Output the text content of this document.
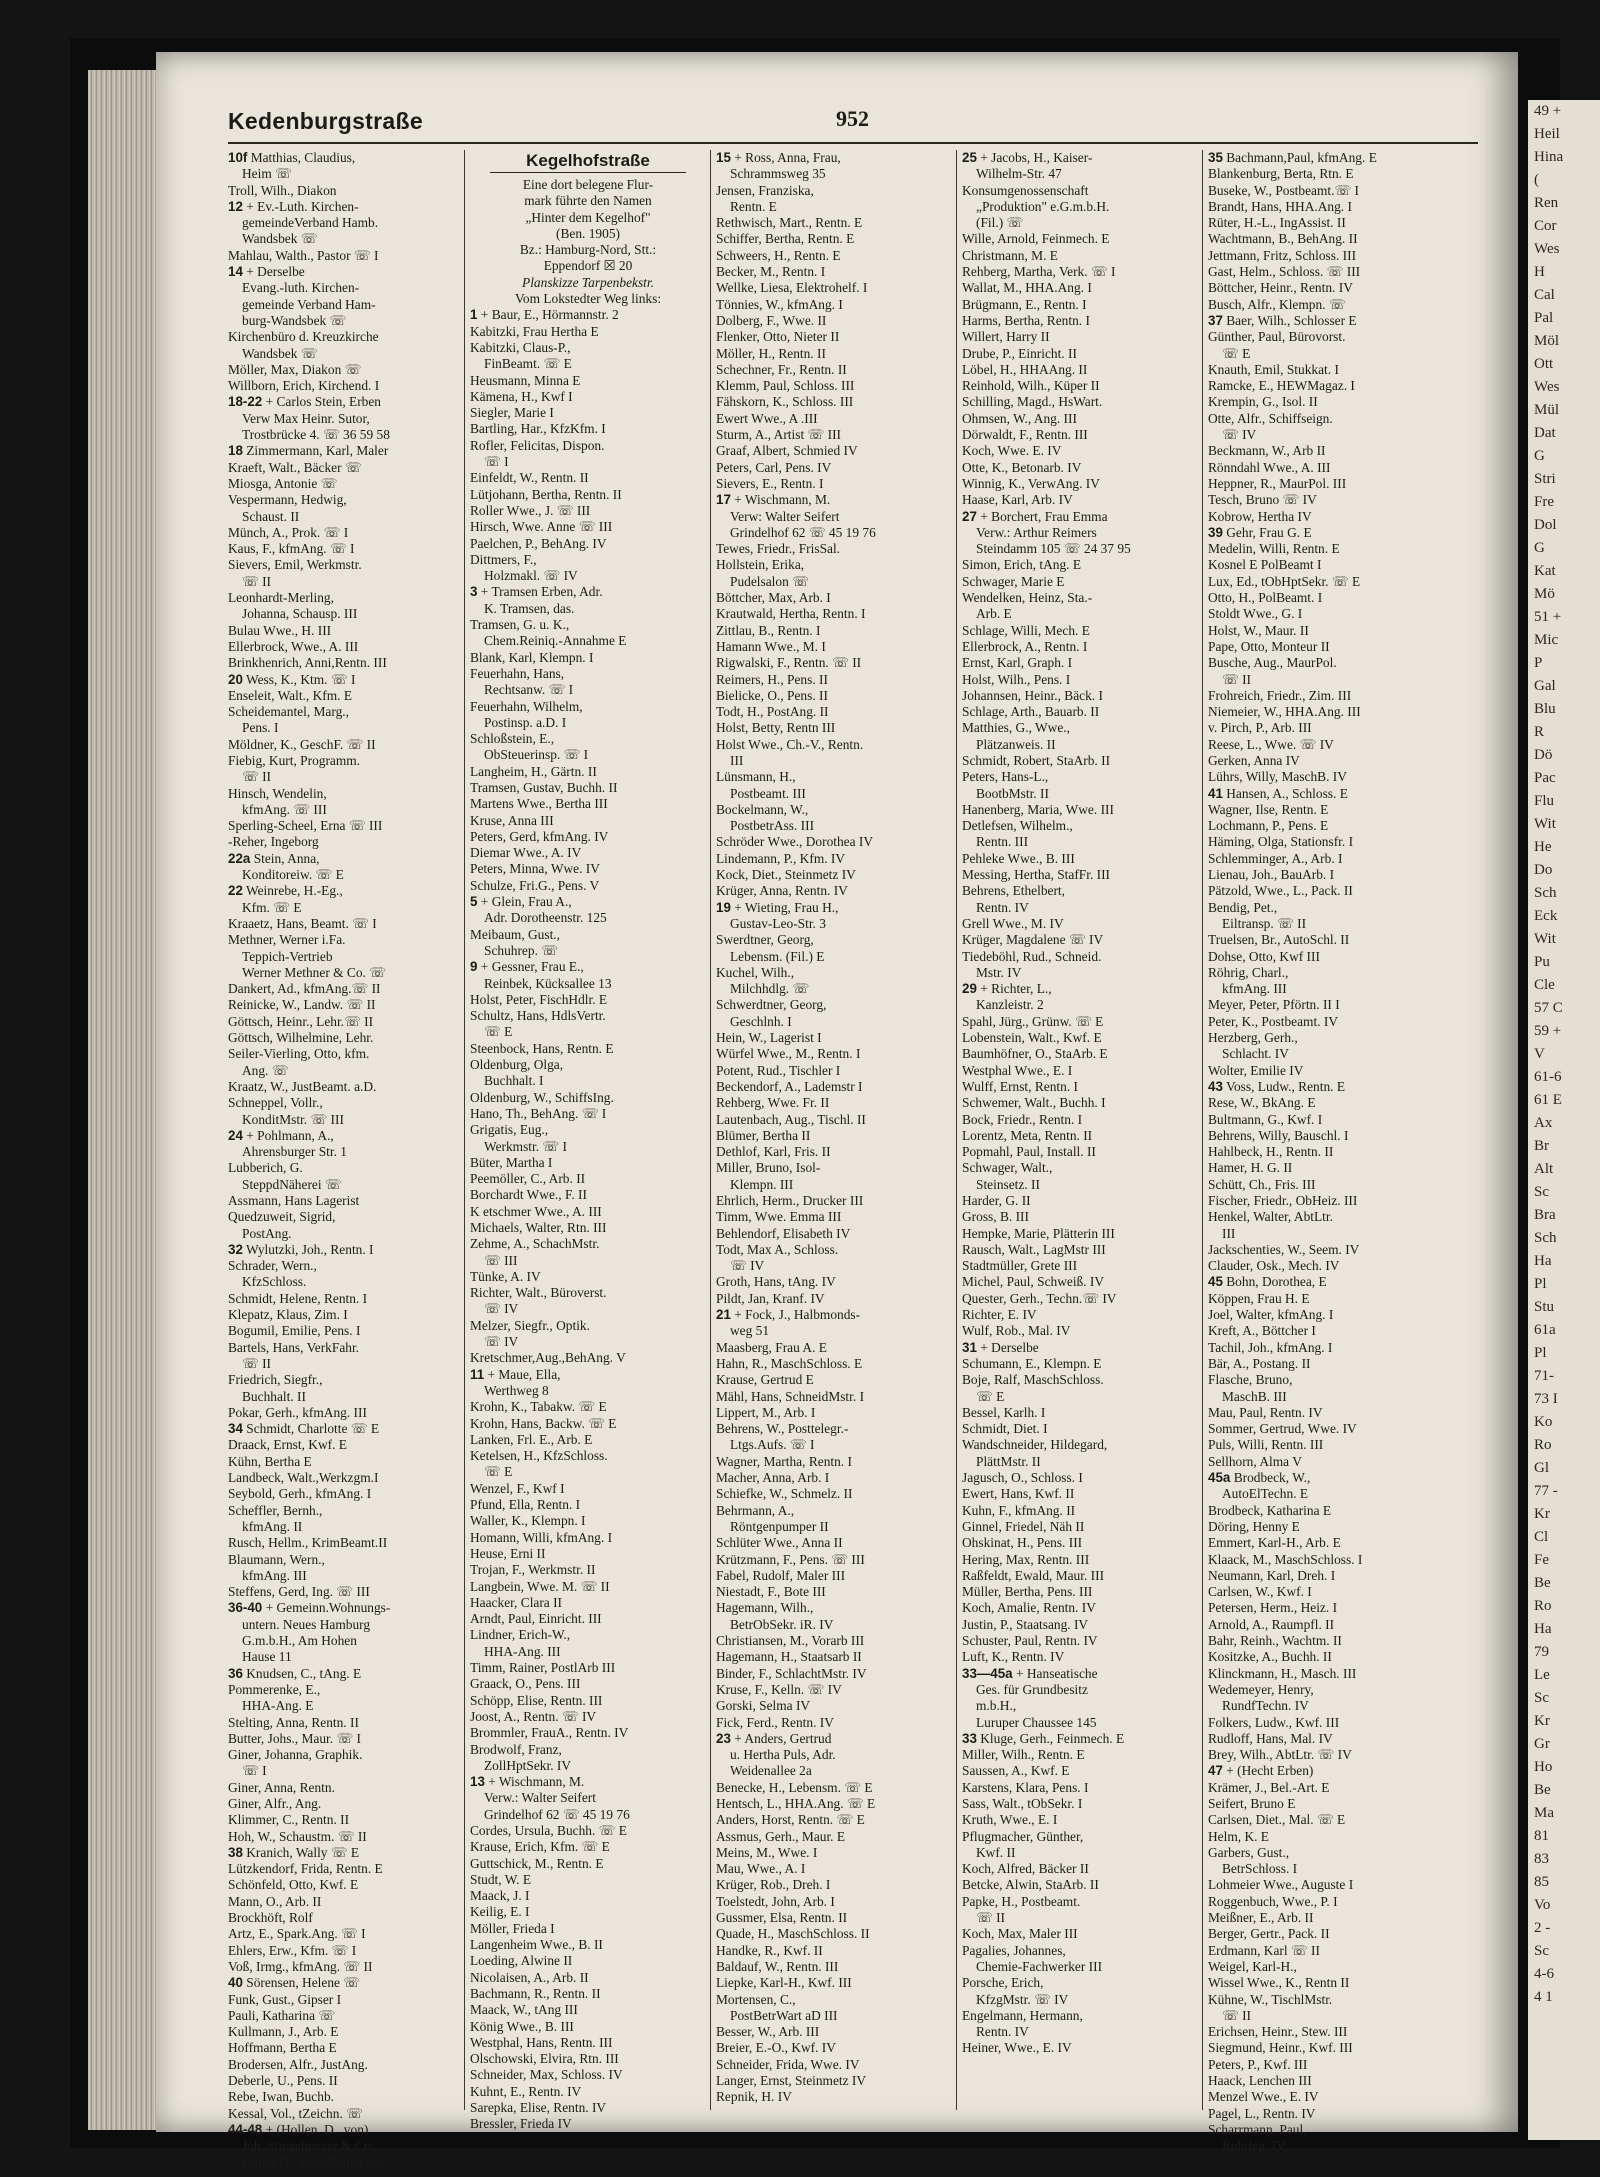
Kedenburgstraße	952
10f Matthias, Claudius,
Heim ☏
Troll, Wilh., Diakon
12 + Ev.-Luth. Kirchen-
gemeindeVerband Hamb.
Wandsbek ☏
Mahlau, Walth., Pastor ☏ I
14 + Derselbe
Evang.-luth. Kirchen-
gemeinde Verband Ham-
burg-Wandsbek ☏
Kirchenbüro d. Kreuzkirche
Wandsbek ☏
Möller, Max, Diakon ☏
Willborn, Erich, Kirchend. I
18-22 + Carlos Stein, Erben
Verw Max Heinr. Sutor,
Trostbrücke 4. ☏ 36 59 58
18 Zimmermann, Karl, Maler
Kraeft, Walt., Bäcker ☏
Miosga, Antonie ☏
Vespermann, Hedwig,
Schaust. II
Münch, A., Prok. ☏ I
Kaus, F., kfmAng. ☏ I
Sievers, Emil, Werkmstr.
☏ II
Leonhardt-Merling,
Johanna, Schausp. III
Bulau Wwe., H. III
Ellerbrock, Wwe., A. III
Brinkhenrich, Anni,Rentn. III
20 Wess, K., Ktm. ☏ I
Enseleit, Walt., Kfm. E
Scheidemantel, Marg.,
Pens. I
Möldner, K., GeschF. ☏ II
Fiebig, Kurt, Programm.
☏ II
Hinsch, Wendelin,
kfmAng. ☏ III
Sperling-Scheel, Erna ☏ III
-Reher, Ingeborg
22a Stein, Anna,
Konditoreiw. ☏ E
22 Weinrebe, H.-Eg.,
Kfm. ☏ E
Kraaetz, Hans, Beamt. ☏ I
Methner, Werner i.Fa.
Teppich-Vertrieb
Werner Methner & Co. ☏
Dankert, Ad., kfmAng.☏ II
Reinicke, W., Landw. ☏ II
Göttsch, Heinr., Lehr.☏ II
Göttsch, Wilhelmine, Lehr.
Seiler-Vierling, Otto, kfm.
Ang. ☏
Kraatz, W., JustBeamt. a.D.
Schneppel, Vollr.,
KonditMstr. ☏ III
24 + Pohlmann, A.,
Ahrensburger Str. 1
Lubberich, G.
SteppdNäherei ☏
Assmann, Hans Lagerist
Quedzuweit, Sigrid,
PostAng.
32 Wylutzki, Joh., Rentn. I
Schrader, Wern.,
KfzSchloss.
Schmidt, Helene, Rentn. I
Klepatz, Klaus, Zim. I
Bogumil, Emilie, Pens. I
Bartels, Hans, VerkFahr.
☏ II
Friedrich, Siegfr.,
Buchhalt. II
Pokar, Gerh., kfmAng. III
34 Schmidt, Charlotte ☏ E
Draack, Ernst, Kwf. E
Kühn, Bertha E
Landbeck, Walt.,Werkzgm.I
Seybold, Gerh., kfmAng. I
Scheffler, Bernh.,
kfmAng. II
Rusch, Hellm., KrimBeamt.II
Blaumann, Wern.,
kfmAng. III
Steffens, Gerd, Ing. ☏ III
36-40 + Gemeinn.Wohnungs-
untern. Neues Hamburg
G.m.b.H., Am Hohen
Hause 11
36 Knudsen, C., tAng. E
Pommerenke, E.,
HHA-Ang. E
Stelting, Anna, Rentn. II
Butter, Johs., Maur. ☏ I
Giner, Johanna, Graphik.
☏ I
Giner, Anna, Rentn.
Giner, Alfr., Ang.
Klimmer, C., Rentn. II
Hoh, W., Schaustm. ☏ II
38 Kranich, Wally ☏ E
Lützkendorf, Frida, Rentn. E
Schönfeld, Otto, Kwf. E
Mann, O., Arb. II
Brockhöft, Rolf
Artz, E., Spark.Ang. ☏ I
Ehlers, Erw., Kfm. ☏ I
Voß, Irmg., kfmAng. ☏ II
40 Sörensen, Helene ☏
Funk, Gust., Gipser I
Pauli, Katharina ☏
Kullmann, J., Arb. E
Hoffmann, Bertha E
Brodersen, Alfr., JustAng.
Deberle, U., Pens. II
Rebe, Iwan, Buchb.
Kessal, Vol., tZeichn. ☏
44-48 + (Hollen, D., von)
Joh. Stiegelmeyer & Co.
G.m.b.H., Metallbettst.☏
Kegelhofstraße
Eine dort belegene Flur-
mark führte den Namen
„Hinter dem Kegelhof"
(Ben. 1905)
Bz.: Hamburg-Nord, Stt.:
Eppendorf ☒ 20
Planskizze Tarpenbekstr.
Vom Lokstedter Weg links:
1 + Baur, E., Hörmannstr. 2
Kabitzki, Frau Hertha E
Kabitzki, Claus-P.,
FinBeamt. ☏ E
Heusmann, Minna E
Kämena, H., Kwf I
Siegler, Marie I
Bartling, Har., KfzKfm. I
Rofler, Felicitas, Dispon.
☏ I
Einfeldt, W., Rentn. II
Lütjohann, Bertha, Rentn. II
Roller Wwe., J. ☏ III
Hirsch, Wwe. Anne ☏ III
Paelchen, P., BehAng. IV
Dittmers, F.,
Holzmakl. ☏ IV
3 + Tramsen Erben, Adr.
K. Tramsen, das.
Tramsen, G. u. K.,
Chem.Reiniq.-Annahme E
Blank, Karl, Klempn. I
Feuerhahn, Hans,
Rechtsanw. ☏ I
Feuerhahn, Wilhelm,
Postinsp. a.D. I
Schloßstein, E.,
ObSteuerinsp. ☏ I
Langheim, H., Gärtn. II
Tramsen, Gustav, Buchh. II
Martens Wwe., Bertha III
Kruse, Anna III
Peters, Gerd, kfmAng. IV
Diemar Wwe., A. IV
Peters, Minna, Wwe. IV
Schulze, Fri.G., Pens. V
5 + Glein, Frau A.,
Adr. Dorotheenstr. 125
Meibaum, Gust.,
Schuhrep. ☏
9 + Gessner, Frau E.,
Reinbek, Kücksallee 13
Holst, Peter, FischHdlr. E
Schultz, Hans, HdlsVertr.
☏ E
Steenbock, Hans, Rentn. E
Oldenburg, Olga,
Buchhalt. I
Oldenburg, W., SchiffsIng.
Hano, Th., BehAng. ☏ I
Grigatis, Eug.,
Werkmstr. ☏ I
Büter, Martha I
Peemöller, C., Arb. II
Borchardt Wwe., F. II
K etschmer Wwe., A. III
Michaels, Walter, Rtn. III
Zehme, A., SchachMstr.
☏ III
Tünke, A. IV
Richter, Walt., Büroverst.
☏ IV
Melzer, Siegfr., Optik.
☏ IV
Kretschmer,Aug.,BehAng. V
11 + Maue, Ella,
Werthweg 8
Krohn, K., Tabakw. ☏ E
Krohn, Hans, Backw. ☏ E
Lanken, Frl. E., Arb. E
Ketelsen, H., KfzSchloss.
☏ E
Wenzel, F., Kwf I
Pfund, Ella, Rentn. I
Waller, K., Klempn. I
Homann, Willi, kfmAng. I
Heuse, Erni II
Trojan, F., Werkmstr. II
Langbein, Wwe. M. ☏ II
Haacker, Clara II
Arndt, Paul, Einricht. III
Lindner, Erich-W.,
HHA-Ang. III
Timm, Rainer, PostlArb III
Graack, O., Pens. III
Schöpp, Elise, Rentn. III
Joost, A., Rentn. ☏ IV
Brommler, FrauA., Rentn. IV
Brodwolf, Franz,
ZollHptSekr. IV
13 + Wischmann, M.
Verw.: Walter Seifert
Grindelhof 62 ☏ 45 19 76
Cordes, Ursula, Buchh. ☏ E
Krause, Erich, Kfm. ☏ E
Guttschick, M., Rentn. E
Studt, W. E
Maack, J. I
Keilig, E. I
Möller, Frieda I
Langenheim Wwe., B. II
Loeding, Alwine II
Nicolaisen, A., Arb. II
Bachmann, R., Rentn. II
Maack, W., tAng III
König Wwe., B. III
Westphal, Hans, Rentn. III
Olschowski, Elvira, Rtn. III
Schneider, Max, Schloss. IV
Kuhnt, E., Rentn. IV
Sarepka, Elise, Rentn. IV
Bressler, Frieda IV
15 + Ross, Anna, Frau,
Schrammsweg 35
Jensen, Franziska,
Rentn. E
Rethwisch, Mart., Rentn. E
Schiffer, Bertha, Rentn. E
Schweers, H., Rentn. E
Becker, M., Rentn. I
Wellke, Liesa, Elektrohelf. I
Tönnies, W., kfmAng. I
Dolberg, F., Wwe. II
Flenker, Otto, Nieter II
Möller, H., Rentn. II
Schechner, Fr., Rentn. II
Klemm, Paul, Schloss. III
Fähskorn, K., Schloss. III
Ewert Wwe., A .III
Sturm, A., Artist ☏ III
Graaf, Albert, Schmied IV
Peters, Carl, Pens. IV
Sievers, E., Rentn. I
17 + Wischmann, M.
Verw: Walter Seifert
Grindelhof 62 ☏ 45 19 76
Tewes, Friedr., FrisSal.
Hollstein, Erika,
Pudelsalon ☏
Böttcher, Max, Arb. I
Krautwald, Hertha, Rentn. I
Zittlau, B., Rentn. I
Hamann Wwe., M. I
Rigwalski, F., Rentn. ☏ II
Reimers, H., Pens. II
Bielicke, O., Pens. II
Todt, H., PostAng. II
Holst, Betty, Rentn III
Holst Wwe., Ch.-V., Rentn.
III
Lünsmann, H.,
Postbeamt. III
Bockelmann, W.,
PostbetrAss. III
Schröder Wwe., Dorothea IV
Lindemann, P., Kfm. IV
Kock, Diet., Steinmetz IV
Krüger, Anna, Rentn. IV
19 + Wieting, Frau H.,
Gustav-Leo-Str. 3
Swerdtner, Georg,
Lebensm. (Fil.) E
Kuchel, Wilh.,
Milchhdlg. ☏
Schwerdtner, Georg,
Geschlnh. I
Hein, W., Lagerist I
Würfel Wwe., M., Rentn. I
Potent, Rud., Tischler I
Beckendorf, A., Lademstr I
Rehberg, Wwe. Fr. II
Lautenbach, Aug., Tischl. II
Blümer, Bertha II
Dethlof, Karl, Fris. II
Miller, Bruno, Isol-
Klempn. III
Ehrlich, Herm., Drucker III
Timm, Wwe. Emma III
Behlendorf, Elisabeth IV
Todt, Max A., Schloss.
☏ IV
Groth, Hans, tAng. IV
Pildt, Jan, Kranf. IV
21 + Fock, J., Halbmonds-
weg 51
Maasberg, Frau A. E
Hahn, R., MaschSchloss. E
Krause, Gertrud E
Mähl, Hans, SchneidMstr. I
Lippert, M., Arb. I
Behrens, W., Posttelegr.-
Ltgs.Aufs. ☏ I
Wagner, Martha, Rentn. I
Macher, Anna, Arb. I
Schiefke, W., Schmelz. II
Behrmann, A.,
Röntgenpumper II
Schlüter Wwe., Anna II
Krützmann, F., Pens. ☏ III
Fabel, Rudolf, Maler III
Niestadt, F., Bote III
Hagemann, Wilh.,
BetrObSekr. iR. IV
Christiansen, M., Vorarb III
Hagemann, H., Staatsarb II
Binder, F., SchlachtMstr. IV
Kruse, F., Kelln. ☏ IV
Gorski, Selma IV
Fick, Ferd., Rentn. IV
23 + Anders, Gertrud
u. Hertha Puls, Adr.
Weidenallee 2a
Benecke, H., Lebensm. ☏ E
Hentsch, L., HHA.Ang. ☏ E
Anders, Horst, Rentn. ☏ E
Assmus, Gerh., Maur. E
Meins, M., Wwe. I
Mau, Wwe., A. I
Krüger, Rob., Dreh. I
Toelstedt, John, Arb. I
Gussmer, Elsa, Rentn. II
Quade, H., MaschSchloss. II
Handke, R., Kwf. II
Baldauf, W., Rentn. III
Liepke, Karl-H., Kwf. III
Mortensen, C.,
PostBetrWart aD III
Besser, W., Arb. III
Breier, E.-O., Kwf. IV
Schneider, Frida, Wwe. IV
Langer, Ernst, Steinmetz IV
Repnik, H. IV
25 + Jacobs, H., Kaiser-
Wilhelm-Str. 47
Konsumgenossenschaft
„Produktion" e.G.m.b.H.
(Fil.) ☏
Wille, Arnold, Feinmech. E
Christmann, M. E
Rehberg, Martha, Verk. ☏ I
Wallat, M., HHA.Ang. I
Brügmann, E., Rentn. I
Harms, Bertha, Rentn. I
Willert, Harry II
Drube, P., Einricht. II
Löbel, H., HHAAng. II
Reinhold, Wilh., Küper II
Schilling, Magd., HsWart.
Ohmsen, W., Ang. III
Dörwaldt, F., Rentn. III
Koch, Wwe. E. IV
Otte, K., Betonarb. IV
Winnig, K., VerwAng. IV
Haase, Karl, Arb. IV
27 + Borchert, Frau Emma
Verw.: Arthur Reimers
Steindamm 105 ☏ 24 37 95
Simon, Erich, tAng. E
Schwager, Marie E
Wendelken, Heinz, Sta.-
Arb. E
Schlage, Willi, Mech. E
Ellerbrock, A., Rentn. I
Ernst, Karl, Graph. I
Holst, Wilh., Pens. I
Johannsen, Heinr., Bäck. I
Schlage, Arth., Bauarb. II
Matthies, G., Wwe.,
Plätzanweis. II
Schmidt, Robert, StaArb. II
Peters, Hans-L.,
BootbMstr. II
Hanenberg, Maria, Wwe. III
Detlefsen, Wilhelm.,
Rentn. III
Pehleke Wwe., B. III
Messing, Hertha, StafFr. III
Behrens, Ethelbert,
Rentn. IV
Grell Wwe., M. IV
Krüger, Magdalene ☏ IV
Tiedeböhl, Rud., Schneid.
Mstr. IV
29 + Richter, L.,
Kanzleistr. 2
Spahl, Jürg., Grünw. ☏ E
Lobenstein, Walt., Kwf. E
Baumhöfner, O., StaArb. E
Westphal Wwe., E. I
Wulff, Ernst, Rentn. I
Schwemer, Walt., Buchh. I
Bock, Friedr., Rentn. I
Lorentz, Meta, Rentn. II
Popmahl, Paul, Install. II
Schwager, Walt.,
Steinsetz. II
Harder, G. II
Gross, B. III
Hempke, Marie, Plätterin III
Rausch, Walt., LagMstr III
Stadtmüller, Grete III
Michel, Paul, Schweiß. IV
Quester, Gerh., Techn.☏ IV
Richter, E. IV
Wulf, Rob., Mal. IV
31 + Derselbe
Schumann, E., Klempn. E
Boje, Ralf, MaschSchloss.
☏ E
Bessel, Karlh. I
Schmidt, Diet. I
Wandschneider, Hildegard,
PlättMstr. II
Jagusch, O., Schloss. I
Ewert, Hans, Kwf. II
Kuhn, F., kfmAng. II
Ginnel, Friedel, Näh II
Ohskinat, H., Pens. III
Hering, Max, Rentn. III
Raßfeldt, Ewald, Maur. III
Müller, Bertha, Pens. III
Koch, Amalie, Rentn. IV
Justin, P., Staatsang. IV
Schuster, Paul, Rentn. IV
Luft, K., Rentn. IV
33—45a + Hanseatische
Ges. für Grundbesitz
m.b.H.,
Luruper Chaussee 145
33 Kluge, Gerh., Feinmech. E
Miller, Wilh., Rentn. E
Saussen, A., Kwf. E
Karstens, Klara, Pens. I
Sass, Walt., tObSekr. I
Kruth, Wwe., E. I
Pflugmacher, Günther,
Kwf. II
Koch, Alfred, Bäcker II
Betcke, Alwin, StaArb. II
Papke, H., Postbeamt.
☏ II
Koch, Max, Maler III
Pagalies, Johannes,
Chemie-Fachwerker III
Porsche, Erich,
KfzgMstr. ☏ IV
Engelmann, Hermann,
Rentn. IV
Heiner, Wwe., E. IV
35 Bachmann,Paul, kfmAng. E
Blankenburg, Berta, Rtn. E
Buseke, W., Postbeamt.☏ I
Brandt, Hans, HHA.Ang. I
Rüter, H.-L., IngAssist. II
Wachtmann, B., BehAng. II
Jettmann, Fritz, Schloss. III
Gast, Helm., Schloss. ☏ III
Böttcher, Heinr., Rentn. IV
Busch, Alfr., Klempn. ☏
37 Baer, Wilh., Schlosser E
Günther, Paul, Bürovorst.
☏ E
Knauth, Emil, Stukkat. I
Ramcke, E., HEWMagaz. I
Krempin, G., Isol. II
Otte, Alfr., Schiffseign.
☏ IV
Beckmann, W., Arb II
Rönndahl Wwe., A. III
Heppner, R., MaurPol. III
Tesch, Bruno ☏ IV
Kobrow, Hertha IV
39 Gehr, Frau G. E
Medelin, Willi, Rentn. E
Kosnel E PolBeamt I
Lux, Ed., tObHptSekr. ☏ E
Otto, H., PolBeamt. I
Stoldt Wwe., G. I
Holst, W., Maur. II
Pape, Otto, Monteur II
Busche, Aug., MaurPol.
☏ II
Frohreich, Friedr., Zim. III
Niemeier, W., HHA.Ang. III
v. Pirch, P., Arb. III
Reese, L., Wwe. ☏ IV
Gerken, Anna IV
Lührs, Willy, MaschB. IV
41 Hansen, A., Schloss. E
Wagner, Ilse, Rentn. E
Lochmann, P., Pens. E
Häming, Olga, Stationsfr. I
Schlemminger, A., Arb. I
Lienau, Joh., BauArb. I
Pätzold, Wwe., L., Pack. II
Bendig, Pet.,
Eiltransp. ☏ II
Truelsen, Br., AutoSchl. II
Dohse, Otto, Kwf III
Röhrig, Charl.,
kfmAng. III
Meyer, Peter, Pförtn. II I
Peter, K., Postbeamt. IV
Herzberg, Gerh.,
Schlacht. IV
Wolter, Emilie IV
43 Voss, Ludw., Rentn. E
Rese, W., BkAng. E
Bultmann, G., Kwf. I
Behrens, Willy, Bauschl. I
Hahlbeck, H., Rentn. II
Hamer, H. G. II
Schütt, Ch., Fris. III
Fischer, Friedr., ObHeiz. III
Henkel, Walter, AbtLtr.
III
Jackschenties, W., Seem. IV
Clauder, Osk., Mech. IV
45 Bohn, Dorothea, E
Köppen, Frau H. E
Joel, Walter, kfmAng. I
Kreft, A., Böttcher I
Tachil, Joh., kfmAng. I
Bär, A., Postang. II
Flasche, Bruno,
MaschB. III
Mau, Paul, Rentn. IV
Sommer, Gertrud, Wwe. IV
Puls, Willi, Rentn. III
Sellhorn, Alma V
45a Brodbeck, W.,
AutoElTechn. E
Brodbeck, Katharina E
Döring, Henny E
Emmert, Karl-H., Arb. E
Klaack, M., MaschSchloss. I
Neumann, Karl, Dreh. I
Carlsen, W., Kwf. I
Petersen, Herm., Heiz. I
Arnold, A., Raumpfl. II
Bahr, Reinh., Wachtm. II
Kositzke, A., Buchh. II
Klinckmann, H., Masch. III
Wedemeyer, Henry,
RundfTechn. IV
Folkers, Ludw., Kwf. III
Rudloff, Hans, Mal. IV
Brey, Wilh., AbtLtr. ☏ IV
47 + (Hecht Erben)
Krämer, J., Bel.-Art. E
Seifert, Bruno E
Carlsen, Diet., Mal. ☏ E
Helm, K. E
Garbers, Gust.,
BetrSchloss. I
Lohmeier Wwe., Auguste I
Roggenbuch, Wwe., P. I
Meißner, E., Arb. II
Berger, Gertr., Pack. II
Erdmann, Karl ☏ II
Weigel, Karl-H.,
Wissel Wwe., K., Rentn II
Kühne, W., TischlMstr.
☏ II
Erichsen, Heinr., Stew. III
Siegmund, Heinr., Kwf. III
Peters, P., Kwf. III
Haack, Lenchen III
Menzel Wwe., E. IV
Pagel, L., Rentn. IV
Scharrmann, Paul,
Rohrleg. IV
49 +
Heil
Hina
(
Ren
Cor
Wes
H
Cal
Pal
Möl
Ott
Wes
Mül
Dat
G
Stri
Fre
Dol
G
Kat
Mö
51 +
Mic
P
Gal
Blu
R
Dö
Pac
Flu
Wit
He
Do
Sch
Eck
Wit
Pu
Cle
57 C
59 +
V
61-6
61 E
Ax
Br
Alt
Sc
Bra
Sch
Ha
Pl
Stu
61a
Pl
71-
73 I
Ko
Ro
Gl
77 -
Kr
Cl
Fe
Be
Ro
Ha
79
Le
Sc
Kr
Gr
Ho
Be
Ma
81
83
85
Vo
2 -
Sc
4-6
4 1
